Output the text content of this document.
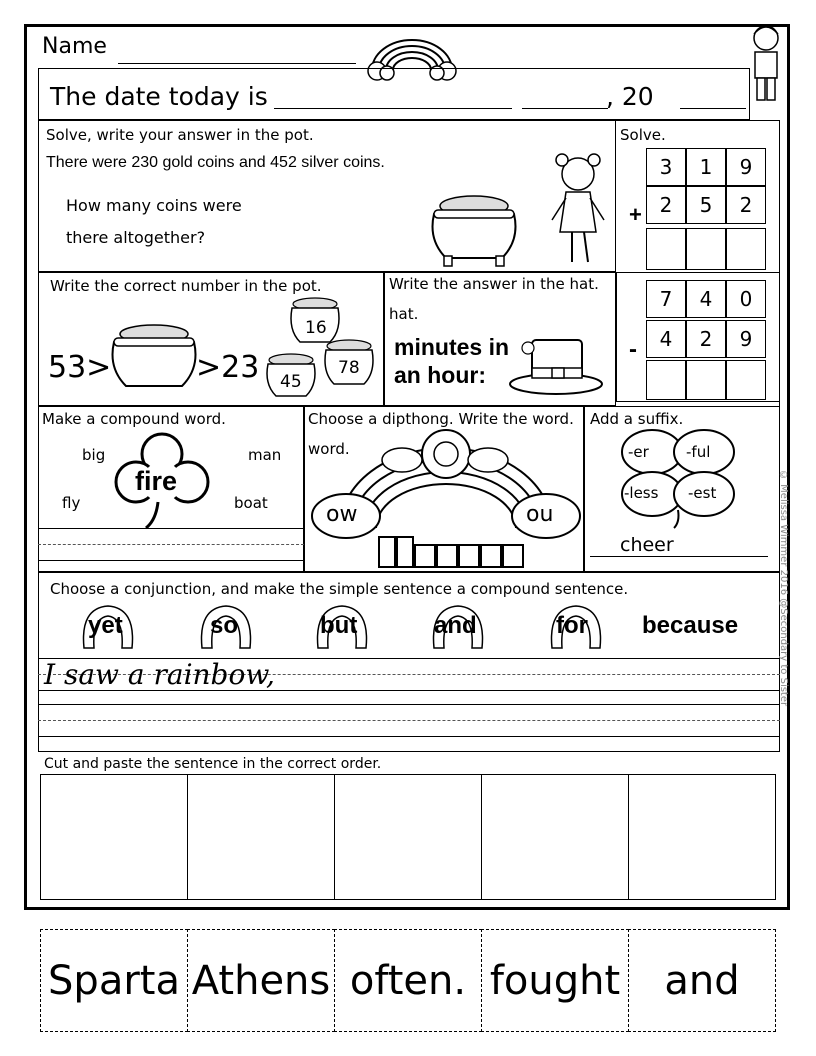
Name
The date today is	, 20
Solve, write your answer in the pot.
There were 230 gold coins and 452 silver coins.
How many coins were
there altogether?
Solve.
3	1	9
2	5	2
+
7	4	0
4	2	9
-
Write the correct number in the pot.
53>	>23
16
45
78
Write the answer in the hat.
hat.
minutes in
an hour:
Make a compound word.
fire
big	man
fly	boat
Choose a dipthong. Write the word.
word.
ow	ou
Add a suffix.
-er -ful
-less -est
cheer
Choose a conjunction, and make the simple sentence a compound sentence.
yet	so	but	and	for because
I saw a rainbow,
Cut and paste the sentence in the correct order.
© Melissa Wimmer 2016 @Secondary to Sister
Sparta Athens often. fought	and
